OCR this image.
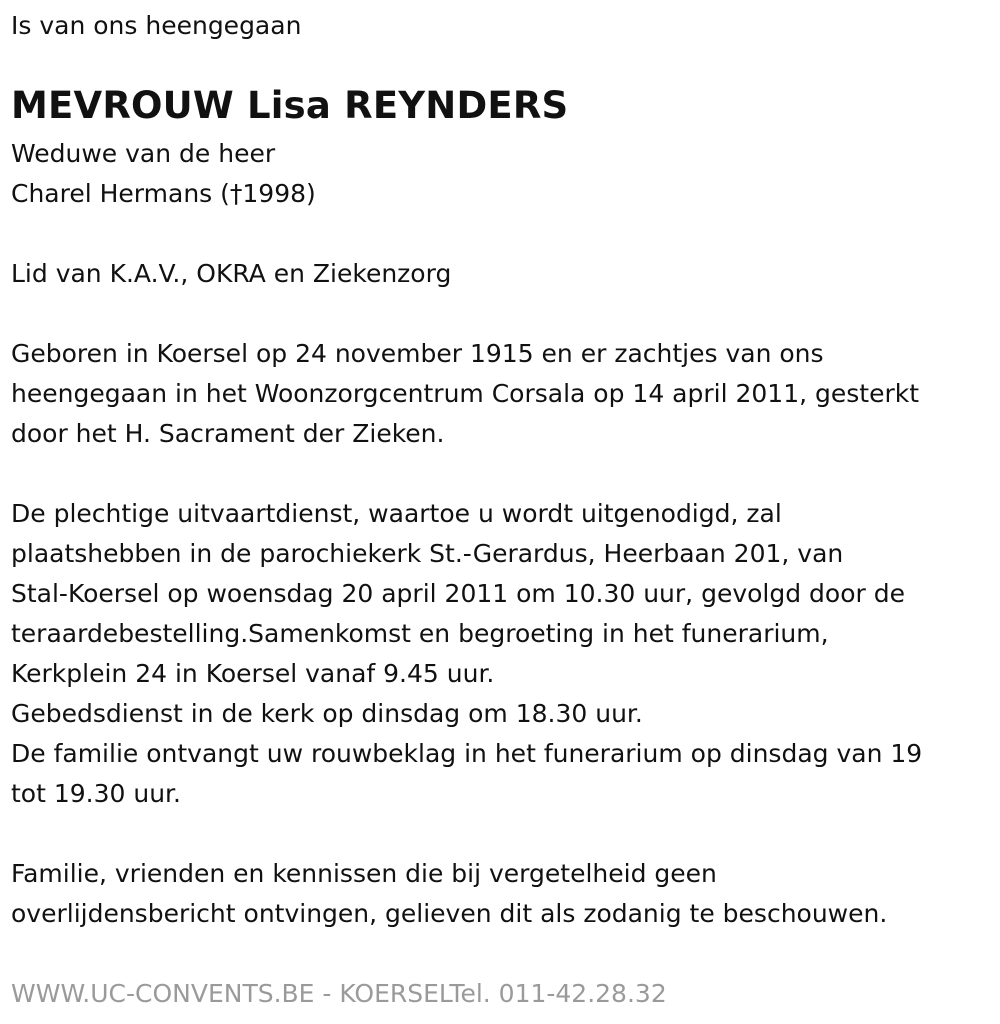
Is van ons heengegaan

MEVROUW Lisa REYNDERS

Weduwe van de heer

Charel Hermans (†1998)

Lid van K.A.V., OKRA en Ziekenzorg

Geboren in Koersel op 24 november 1915 en er zachtjes van ons

heengegaan in het Woonzorgcentrum Corsala op 14 april 2011, gesterkt

door het H. Sacrament der Zieken.

De plechtige uitvaartdienst, waartoe u wordt uitgenodigd, zal

plaatshebben in de parochiekerk St.-Gerardus, Heerbaan 201, van

Stal-Koersel op woensdag 20 april 2011 om 10.30 uur, gevolgd door de

teraardebestelling.Samenkomst en begroeting in het funerarium,

Kerkplein 24 in Koersel vanaf 9.45 uur.

Gebedsdienst in de kerk op dinsdag om 18.30 uur.

De familie ontvangt uw rouwbeklag in het funerarium op dinsdag van 19

tot 19.30 uur.

Familie, vrienden en kennissen die bij vergetelheid geen

overlijdensbericht ontvingen, gelieven dit als zodanig te beschouwen.

WWW.UC-CONVENTS.BE - KOERSELTel. 011-42.28.32
